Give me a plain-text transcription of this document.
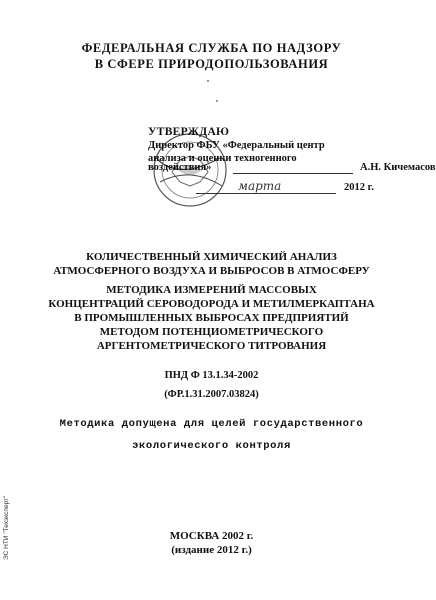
ФЕДЕРАЛЬНАЯ СЛУЖБА ПО НАДЗОРУ
В СФЕРЕ ПРИРОДОПОЛЬЗОВАНИЯ
УТВЕРЖДАЮ
Директор ФБУ «Федеральный центр
анализа и оценки техногенного
воздействия»	А.Н. Кичемасов
марта	2012 г.
КОЛИЧЕСТВЕННЫЙ ХИМИЧЕСКИЙ АНАЛИЗ
АТМОСФЕРНОГО ВОЗДУХА И ВЫБРОСОВ В АТМОСФЕРУ
МЕТОДИКА ИЗМЕРЕНИЙ МАССОВЫХ
КОНЦЕНТРАЦИЙ СЕРОВОДОРОДА И МЕТИЛМЕРКАПТАНА
В ПРОМЫШЛЕННЫХ ВЫБРОСАХ ПРЕДПРИЯТИЙ
МЕТОДОМ ПОТЕНЦИОМЕТРИЧЕСКОГО
АРГЕНТОМЕТРИЧЕСКОГО ТИТРОВАНИЯ
ПНД Ф 13.1.34-2002
(ФР.1.31.2007.03824)
Методика допущена для целей государственного
экологического контроля
МОСКВА 2002 г.
(издание 2012 г.)
ЭС НТИ "Техэксперт"
